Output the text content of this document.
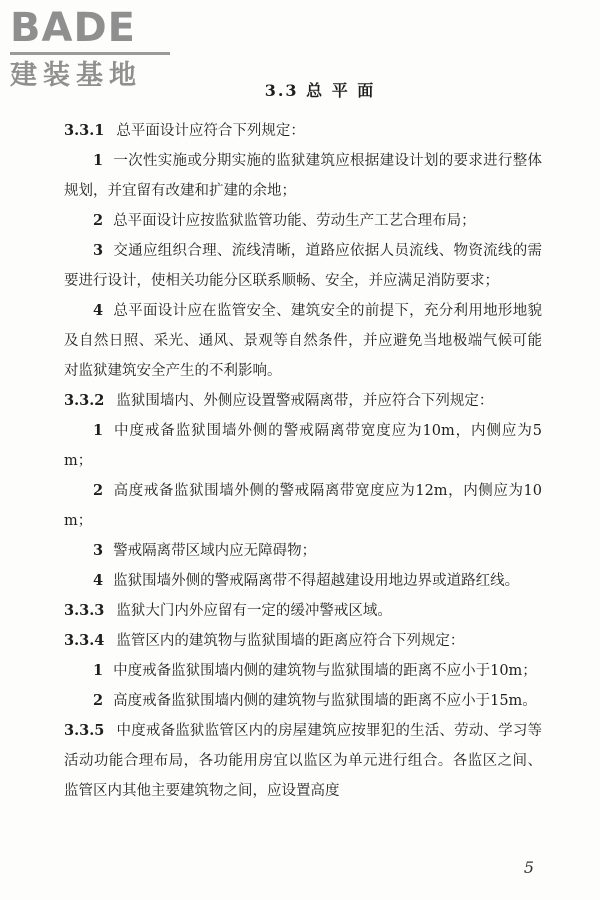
BADE
建装基地	3.3 总 平 面

3.3.1 总平面设计应符合下列规定：

1 一次性实施或分期实施的监狱建筑应根据建设计划的要求进行整体规划，并宜留有改建和扩建的余地；

2 总平面设计应按监狱监管功能、劳动生产工艺合理布局；

3 交通应组织合理、流线清晰，道路应依据人员流线、物资流线的需要进行设计，使相关功能分区联系顺畅、安全，并应满足消防要求；

4 总平面设计应在监管安全、建筑安全的前提下，充分利用地形地貌及自然日照、采光、通风、景观等自然条件，并应避免当地极端气候可能对监狱建筑安全产生的不利影响。

3.3.2 监狱围墙内、外侧应设置警戒隔离带，并应符合下列规定：

1 中度戒备监狱围墙外侧的警戒隔离带宽度应为10m，内侧应为5m；

2 高度戒备监狱围墙外侧的警戒隔离带宽度应为12m，内侧应为10m；

3 警戒隔离带区域内应无障碍物；

4 监狱围墙外侧的警戒隔离带不得超越建设用地边界或道路红线。

3.3.3 监狱大门内外应留有一定的缓冲警戒区域。

3.3.4 监管区内的建筑物与监狱围墙的距离应符合下列规定：

1 中度戒备监狱围墙内侧的建筑物与监狱围墙的距离不应小于10m；

2 高度戒备监狱围墙内侧的建筑物与监狱围墙的距离不应小于15m。

3.3.5 中度戒备监狱监管区内的房屋建筑应按罪犯的生活、劳动、学习等活动功能合理布局，各功能用房宜以监区为单元进行组合。各监区之间、监管区内其他主要建筑物之间，应设置高度

5
